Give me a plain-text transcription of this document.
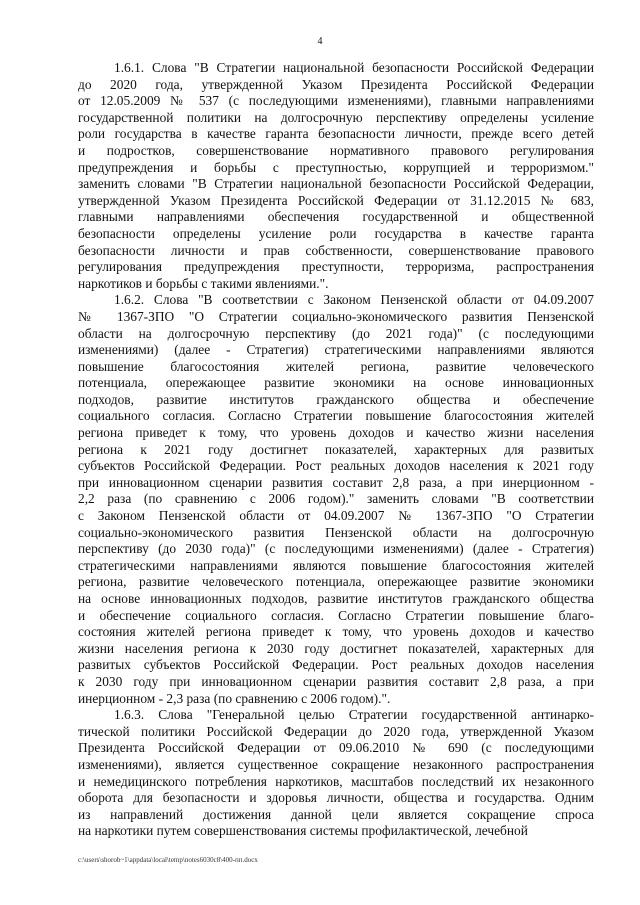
4
1.6.1. Слова "В Стратегии национальной безопасности Российской Федерации
до 2020 года, утвержденной Указом Президента Российской Федерации
от 12.05.2009 № 537 (с последующими изменениями), главными направлениями
государственной политики на долгосрочную перспективу определены усиление
роли государства в качестве гаранта безопасности личности, прежде всего детей
и подростков, совершенствование нормативного правового регулирования
предупреждения и борьбы с преступностью, коррупцией и терроризмом."
заменить словами "В Стратегии национальной безопасности Российской Федерации,
утвержденной Указом Президента Российской Федерации от 31.12.2015 № 683,
главными направлениями обеспечения государственной и общественной
безопасности определены усиление роли государства в качестве гаранта
безопасности личности и прав собственности, совершенствование правового
регулирования предупреждения преступности, терроризма, распространения
наркотиков и борьбы с такими явлениями.".
1.6.2. Слова "В соответствии с Законом Пензенской области от 04.09.2007
№ 1367-ЗПО "О Стратегии социально-экономического развития Пензенской
области на долгосрочную перспективу (до 2021 года)" (с последующими
изменениями) (далее - Стратегия) стратегическими направлениями являются
повышение благосостояния жителей региона, развитие человеческого
потенциала, опережающее развитие экономики на основе инновационных
подходов, развитие институтов гражданского общества и обеспечение
социального согласия. Согласно Стратегии повышение благосостояния жителей
региона приведет к тому, что уровень доходов и качество жизни населения
региона к 2021 году достигнет показателей, характерных для развитых
субъектов Российской Федерации. Рост реальных доходов населения к 2021 году
при инновационном сценарии развития составит 2,8 раза, а при инерционном -
2,2 раза (по сравнению с 2006 годом)." заменить словами "В соответствии
с Законом Пензенской области от 04.09.2007 № 1367-ЗПО "О Стратегии
социально-экономического развития Пензенской области на долгосрочную
перспективу (до 2030 года)" (с последующими изменениями) (далее - Стратегия)
стратегическими направлениями являются повышение благосостояния жителей
региона, развитие человеческого потенциала, опережающее развитие экономики
на основе инновационных подходов, развитие институтов гражданского общества
и обеспечение социального согласия. Согласно Стратегии повышение благо-
состояния жителей региона приведет к тому, что уровень доходов и качество
жизни населения региона к 2030 году достигнет показателей, характерных для
развитых субъектов Российской Федерации. Рост реальных доходов населения
к 2030 году при инновационном сценарии развития составит 2,8 раза, а при
инерционном - 2,3 раза (по сравнению с 2006 годом).".
1.6.3. Слова "Генеральной целью Стратегии государственной антинарко-
тической политики Российской Федерации до 2020 года, утвержденной Указом
Президента Российской Федерации от 09.06.2010 № 690 (с последующими
изменениями), является существенное сокращение незаконного распространения
и немедицинского потребления наркотиков, масштабов последствий их незаконного
оборота для безопасности и здоровья личности, общества и государства. Одним
из направлений достижения данной цели является сокращение спроса
на наркотики путем совершенствования системы профилактической, лечебной
c:\users\shorob~1\appdata\local\temp\notes6030c8\400-пп.docx
